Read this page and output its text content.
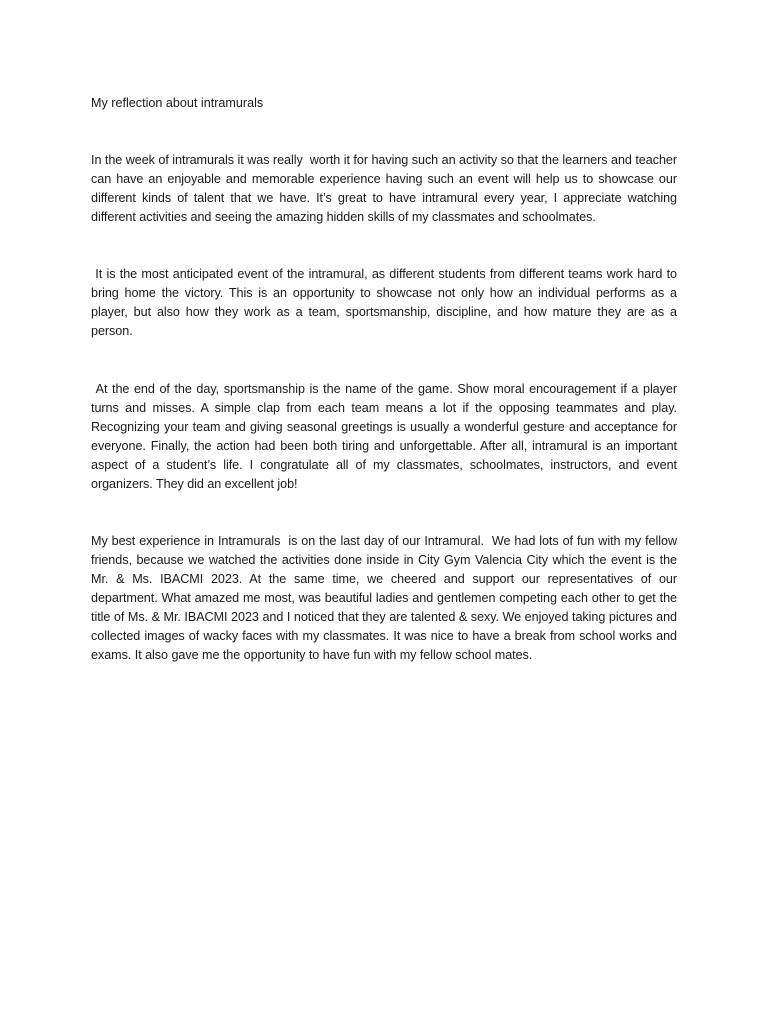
My reflection about intramurals

In the week of intramurals it was really  worth it for having such an activity so that the learners and teacher can have an enjoyable and memorable experience having such an event will help us to showcase our different kinds of talent that we have. It’s great to have intramural every year, I appreciate watching different activities and seeing the amazing hidden skills of my classmates and schoolmates.

It is the most anticipated event of the intramural, as different students from different teams work hard to bring home the victory. This is an opportunity to showcase not only how an individual performs as a player, but also how they work as a team, sportsmanship, discipline, and how mature they are as a person.

At the end of the day, sportsmanship is the name of the game. Show moral encouragement if a player turns and misses. A simple clap from each team means a lot if the opposing teammates and play. Recognizing your team and giving seasonal greetings is usually a wonderful gesture and acceptance for everyone. Finally, the action had been both tiring and unforgettable. After all, intramural is an important aspect of a student’s life. I congratulate all of my classmates, schoolmates, instructors, and event organizers. They did an excellent job!

My best experience in Intramurals  is on the last day of our Intramural.  We had lots of fun with my fellow friends, because we watched the activities done inside in City Gym Valencia City which the event is the Mr. & Ms. IBACMI 2023. At the same time, we cheered and support our representatives of our department. What amazed me most, was beautiful ladies and gentlemen competing each other to get the title of Ms. & Mr. IBACMI 2023 and I noticed that they are talented & sexy. We enjoyed taking pictures and collected images of wacky faces with my classmates. It was nice to have a break from school works and exams. It also gave me the opportunity to have fun with my fellow school mates.
